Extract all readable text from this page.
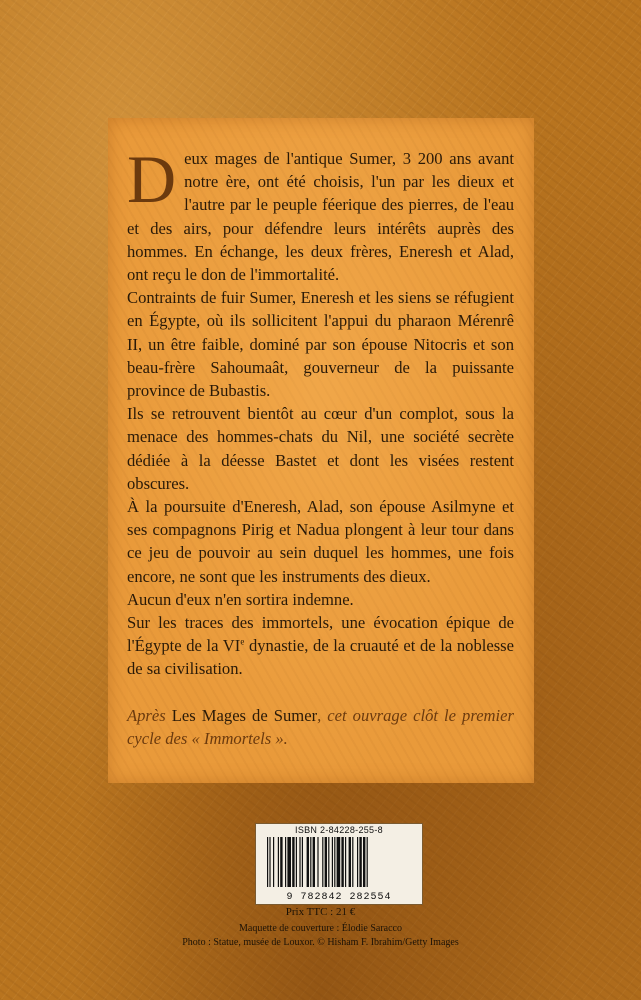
Deux mages de l'antique Sumer, 3 200 ans avant notre ère, ont été choisis, l'un par les dieux et l'autre par le peuple féerique des pierres, de l'eau et des airs, pour défendre leurs intérêts auprès des hommes. En échange, les deux frères, Eneresh et Alad, ont reçu le don de l'immortalité.

Contraints de fuir Sumer, Eneresh et les siens se réfugient en Égypte, où ils sollicitent l'appui du pharaon Mérenrê II, un être faible, dominé par son épouse Nitocris et son beau-frère Sahoumaât, gouverneur de la puissante province de Bubastis.

Ils se retrouvent bientôt au cœur d'un complot, sous la menace des hommes-chats du Nil, une société secrète dédiée à la déesse Bastet et dont les visées restent obscures.

À la poursuite d'Eneresh, Alad, son épouse Asilmyne et ses compagnons Pirig et Nadua plongent à leur tour dans ce jeu de pouvoir au sein duquel les hommes, une fois encore, ne sont que les instruments des dieux.

Aucun d'eux n'en sortira indemne.

Sur les traces des immortels, une évocation épique de l'Égypte de la VIe dynastie, de la cruauté et de la noblesse de sa civilisation.

Après Les Mages de Sumer, cet ouvrage clôt le premier cycle des « Immortels ».

ISBN 2-84228-255-8
9 782842 282554
Prix TTC : 21 €
Maquette de couverture : Élodie Saracco
Photo : Statue, musée de Louxor. © Hisham F. Ibrahim/Getty Images
